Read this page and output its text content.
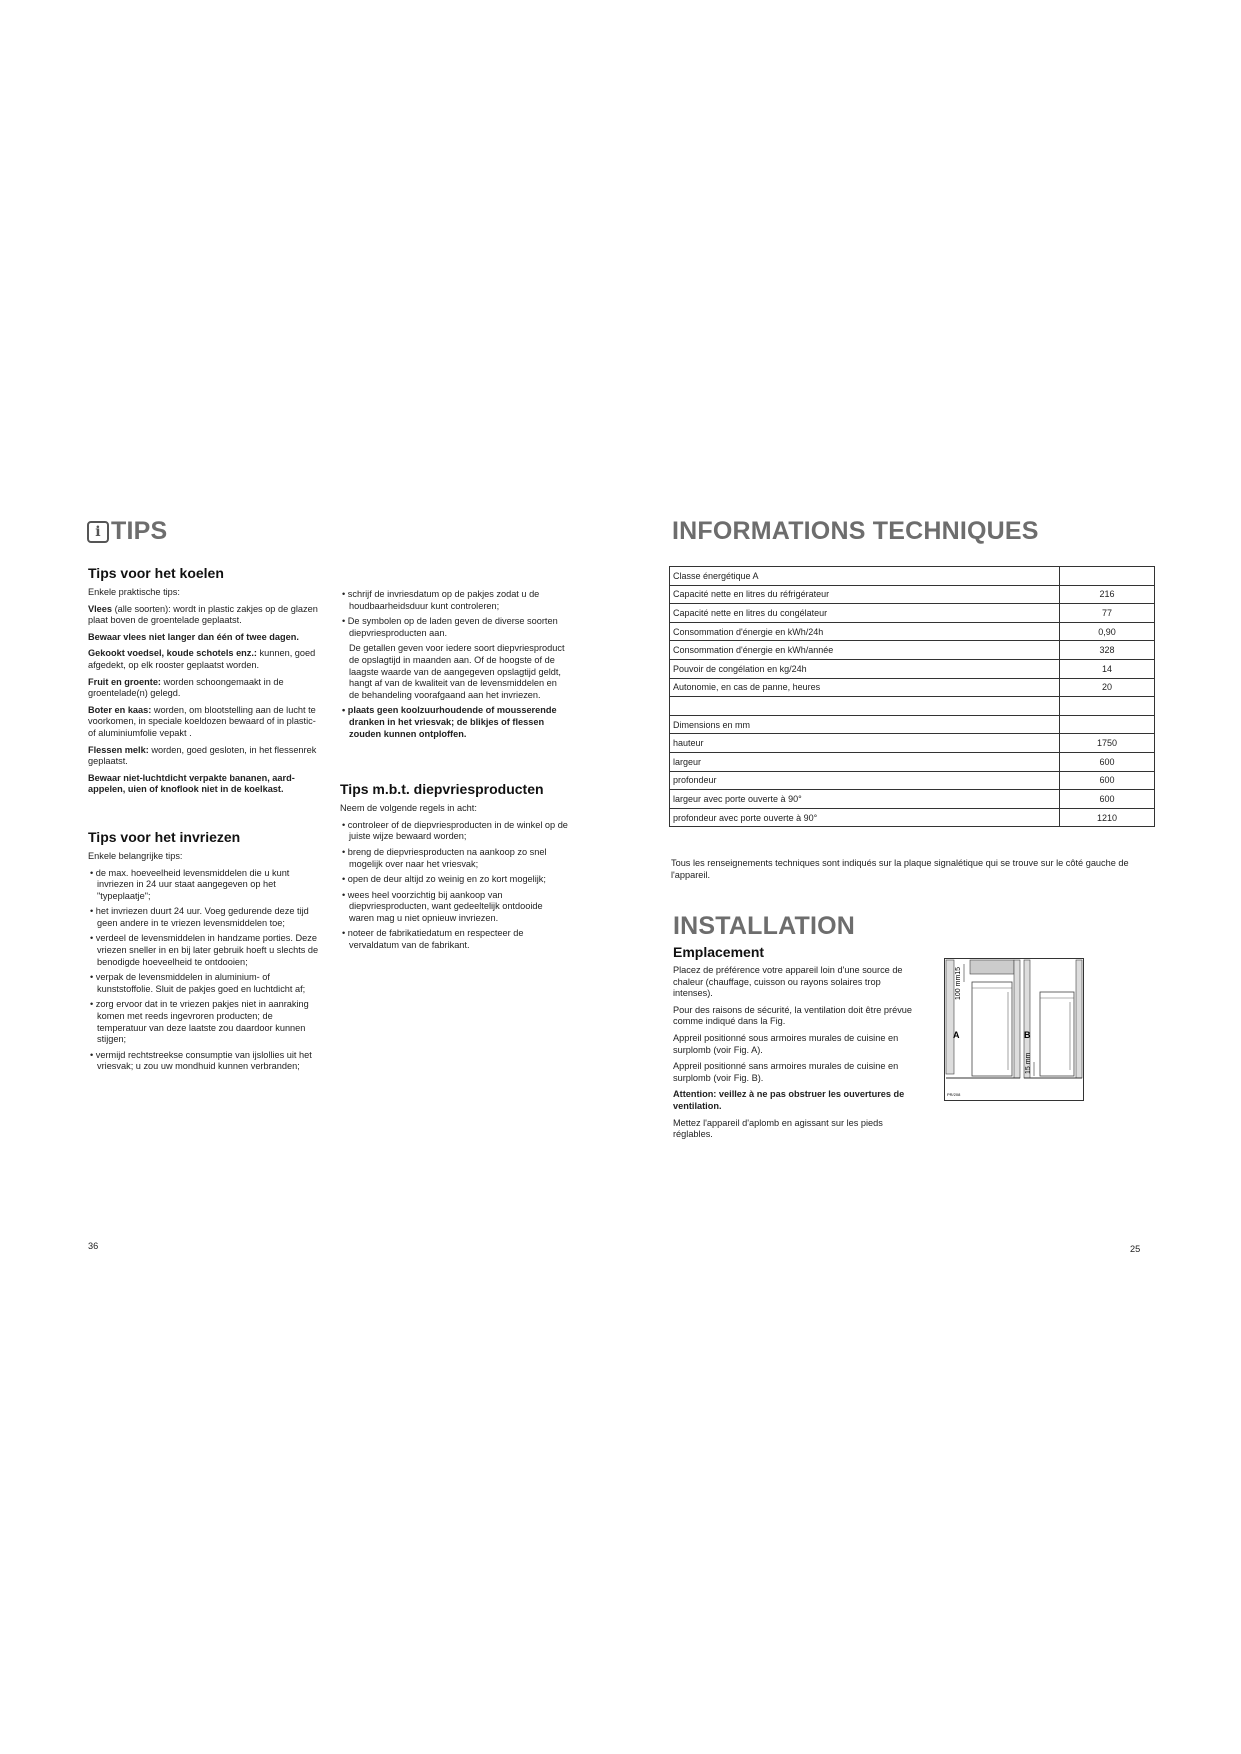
i TIPS
Tips voor het koelen

Enkele praktische tips:

Vlees (alle soorten): wordt in plastic zakjes op de glazen plaat boven de groentelade geplaatst.

Bewaar vlees niet langer dan één of twee dagen.

Gekookt voedsel, koude schotels enz.: kunnen, goed afgedekt, op elk rooster geplaatst worden.

Fruit en groente: worden schoongemaakt in de groentelade(n) gelegd.

Boter en kaas: worden, om blootstelling aan de lucht te voorkomen, in speciale koeldozen bewaard of in plastic- of aluminiumfolie vepakt .

Flessen melk: worden, goed gesloten, in het flessenrek geplaatst.

Bewaar niet-luchtdicht verpakte bananen, aard-appelen, uien of knoflook niet in de koelkast.

Tips voor het invriezen

Enkele belangrijke tips:

• de max. hoeveelheid levensmiddelen die u kunt invriezen in 24 uur staat aangegeven op het "typeplaatje";
• het invriezen duurt 24 uur. Voeg gedurende deze tijd geen andere in te vriezen levensmiddelen toe;
• verdeel de levensmiddelen in handzame porties. Deze vriezen sneller in en bij later gebruik hoeft u slechts de benodigde hoeveelheid te ontdooien;
• verpak de levensmiddelen in aluminium- of kunststoffolie. Sluit de pakjes goed en luchtdicht af;
• zorg ervoor dat in te vriezen pakjes niet in aanraking komen met reeds ingevroren producten; de temperatuur van deze laatste zou daardoor kunnen stijgen;
• vermijd rechtstreekse consumptie van ijslollies uit het vriesvak; u zou uw mondhuid kunnen verbranden;
• schrijf de invriesdatum op de pakjes zodat u de houdbaarheidsduur kunt controleren;
• De symbolen op de laden geven de diverse soorten diepvriesproducten aan.
De getallen geven voor iedere soort diepvriesproduct de opslagtijd in maanden aan. Of de hoogste of de laagste waarde van de aangegeven opslagtijd geldt, hangt af van de kwaliteit van de levensmiddelen en de behandeling voorafgaand aan het invriezen.
• plaats geen koolzuurhoudende of mousserende dranken in het vriesvak; de blikjes of flessen zouden kunnen ontploffen.
Tips m.b.t. diepvriesproducten

Neem de volgende regels in acht:

• controleer of de diepvriesproducten in de winkel op de juiste wijze bewaard worden;
• breng de diepvriesproducten na aankoop zo snel mogelijk over naar het vriesvak;
• open de deur altijd zo weinig en zo kort mogelijk;
• wees heel voorzichtig bij aankoop van diepvriesproducten, want gedeeltelijk ontdooide waren mag u niet opnieuw invriezen.
• noteer de fabrikatiedatum en respecteer de vervaldatum van de fabrikant.
36
INFORMATIONS TECHNIQUES
Classe énergétique A	
Capacité nette en litres du réfrigérateur	216
Capacité nette en litres du congélateur	77
Consommation d'énergie en kWh/24h	0,90
Consommation d'énergie en kWh/année	328
Pouvoir de congélation en kg/24h	14
Autonomie, en cas de panne, heures	20

Dimensions en mm	
hauteur	1750
largeur	600
profondeur	600
largeur avec porte ouverte à 90°	600
profondeur avec porte ouverte à 90°	1210
Tous les renseignements techniques sont indiqués sur la plaque signalétique qui se trouve sur le côté gauche de l'appareil.
INSTALLATION
Emplacement

Placez de préférence votre appareil loin d'une source de chaleur (chauffage, cuisson ou rayons solaires trop intenses).

Pour des raisons de sécurité, la ventilation doit être prévue comme indiqué dans la Fig.

Appreil positionné sous armoires murales de cuisine en surplomb (voir Fig. A).

Appreil positionné sans armoires murales de cuisine en surplomb (voir Fig. B).

Attention: veillez à ne pas obstruer les ouvertures de ventilation.

Mettez l'appareil d'aplomb en agissant sur les pieds réglables.

A	B
100 mm15
15 mm
PR/208
25
